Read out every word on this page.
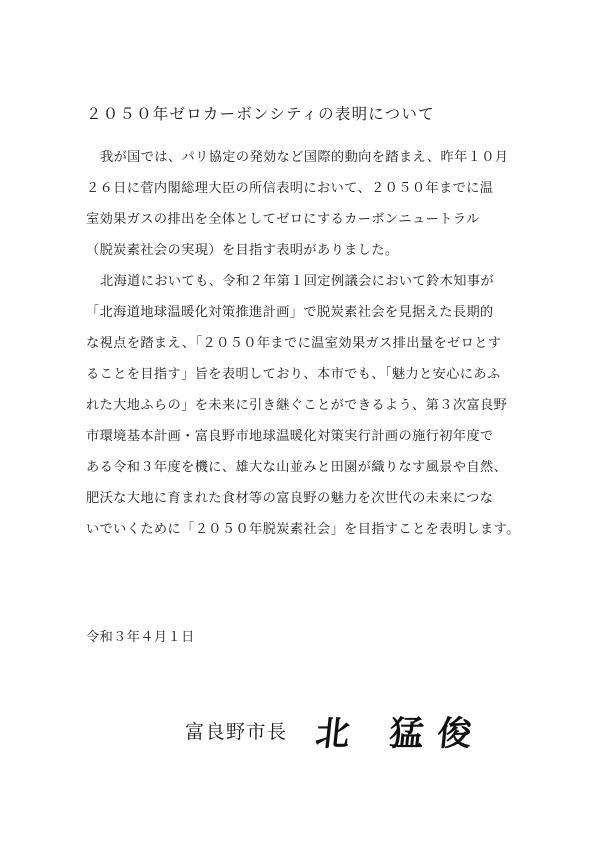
２０５０年ゼロカーボンシティの表明について
我が国では、パリ協定の発効など国際的動向を踏まえ、昨年１０月
２６日に菅内閣総理大臣の所信表明において、２０５０年までに温
室効果ガスの排出を全体としてゼロにするカーボンニュートラル
（脱炭素社会の実現）を目指す表明がありました。
北海道においても、令和２年第１回定例議会において鈴木知事が
「北海道地球温暖化対策推進計画」で脱炭素社会を見据えた長期的
な視点を踏まえ、「２０５０年までに温室効果ガス排出量をゼロとす
ることを目指す」旨を表明しており、本市でも、「魅力と安心にあふ
れた大地ふらの」を未来に引き継ぐことができるよう、第３次富良野
市環境基本計画・富良野市地球温暖化対策実行計画の施行初年度で
ある令和３年度を機に、雄大な山並みと田園が織りなす風景や自然、
肥沃な大地に育まれた食材等の富良野の魅力を次世代の未来につな
いでいくために「２０５０年脱炭素社会」を目指すことを表明します。
令和３年４月１日
富良野市長 北 猛俊
